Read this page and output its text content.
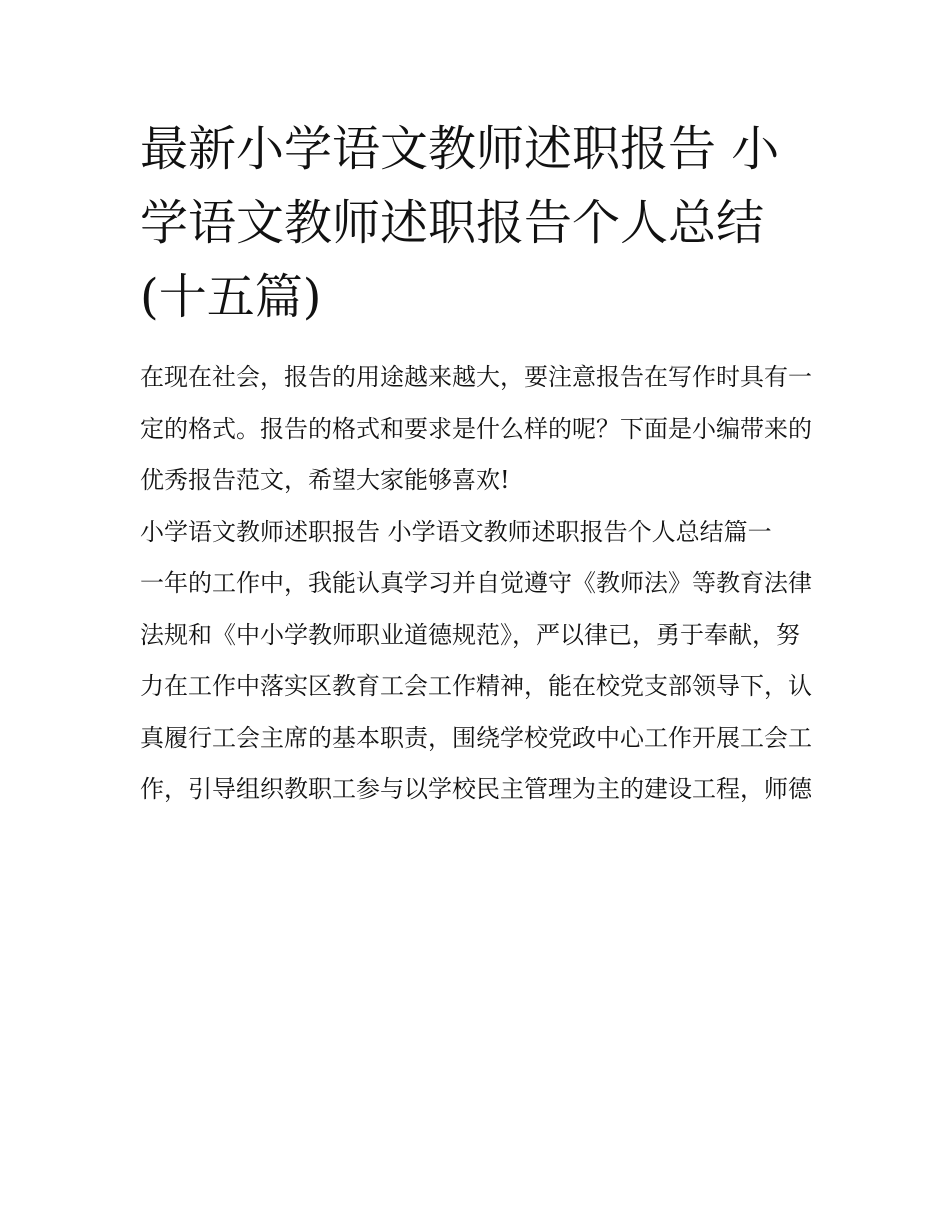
最新小学语文教师述职报告 小学语文教师述职报告个人总结(十五篇)

在现在社会，报告的用途越来越大，要注意报告在写作时具有一定的格式。报告的格式和要求是什么样的呢？下面是小编带来的优秀报告范文，希望大家能够喜欢!

小学语文教师述职报告 小学语文教师述职报告个人总结篇一

一年的工作中，我能认真学习并自觉遵守《教师法》等教育法律法规和《中小学教师职业道德规范》，严以律已，勇于奉献，努力在工作中落实区教育工会工作精神，能在校党支部领导下，认真履行工会主席的基本职责，围绕学校党政中心工作开展工会工作，引导组织教职工参与以学校民主管理为主的建设工程，师德
